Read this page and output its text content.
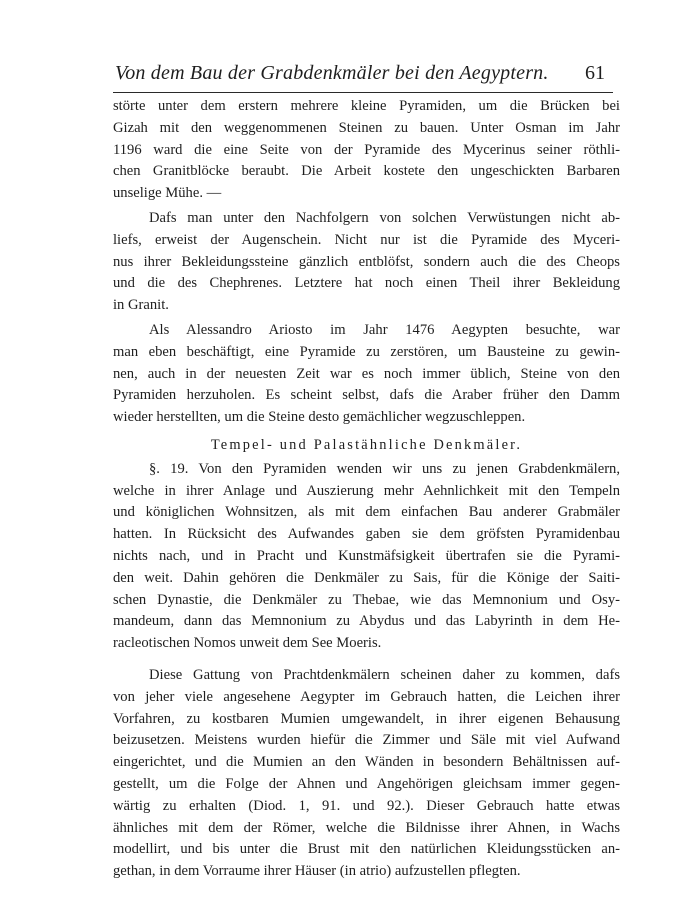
Von dem Bau der Grabdenkmäler bei den Aegyptern. 61

störte unter dem erstern mehrere kleine Pyramiden, um die Brücken bei
Gizah mit den weggenommenen Steinen zu bauen. Unter Osman im Jahr
1196 ward die eine Seite von der Pyramide des Mycerinus seiner röthli-
chen Granitblöcke beraubt. Die Arbeit kostete den ungeschickten Barbaren
unselige Mühe. —

Dafs man unter den Nachfolgern von solchen Verwüstungen nicht ab-
liefs, erweist der Augenschein. Nicht nur ist die Pyramide des Myceri-
nus ihrer Bekleidungssteine gänzlich entblöfst, sondern auch die des Cheops
und die des Chephrenes. Letztere hat noch einen Theil ihrer Bekleidung
in Granit.

Als Alessandro Ariosto im Jahr 1476 Aegypten besuchte, war
man eben beschäftigt, eine Pyramide zu zerstören, um Bausteine zu gewin-
nen, auch in der neuesten Zeit war es noch immer üblich, Steine von den
Pyramiden herzuholen. Es scheint selbst, dafs die Araber früher den Damm
wieder herstellten, um die Steine desto gemächlicher wegzuschleppen.

Tempel- und Palastähnliche Denkmäler.

§. 19. Von den Pyramiden wenden wir uns zu jenen Grabdenkmälern,
welche in ihrer Anlage und Auszierung mehr Aehnlichkeit mit den Tempeln
und königlichen Wohnsitzen, als mit dem einfachen Bau anderer Grabmäler
hatten. In Rücksicht des Aufwandes gaben sie dem gröfsten Pyramidenbau
nichts nach, und in Pracht und Kunstmäfsigkeit übertrafen sie die Pyrami-
den weit. Dahin gehören die Denkmäler zu Sais, für die Könige der Saiti-
schen Dynastie, die Denkmäler zu Thebae, wie das Memnonium und Osy-
mandeum, dann das Memnonium zu Abydus und das Labyrinth in dem He-
racleotischen Nomos unweit dem See Moeris.

Diese Gattung von Prachtdenkmälern scheinen daher zu kommen, dafs
von jeher viele angesehene Aegypter im Gebrauch hatten, die Leichen ihrer
Vorfahren, zu kostbaren Mumien umgewandelt, in ihrer eigenen Behausung
beizusetzen. Meistens wurden hiefür die Zimmer und Säle mit viel Aufwand
eingerichtet, und die Mumien an den Wänden in besondern Behältnissen auf-
gestellt, um die Folge der Ahnen und Angehörigen gleichsam immer gegen-
wärtig zu erhalten (Diod. 1, 91. und 92.). Dieser Gebrauch hatte etwas
ähnliches mit dem der Römer, welche die Bildnisse ihrer Ahnen, in Wachs
modellirt, und bis unter die Brust mit den natürlichen Kleidungsstücken an-
gethan, in dem Vorraume ihrer Häuser (in atrio) aufzustellen pflegten.
